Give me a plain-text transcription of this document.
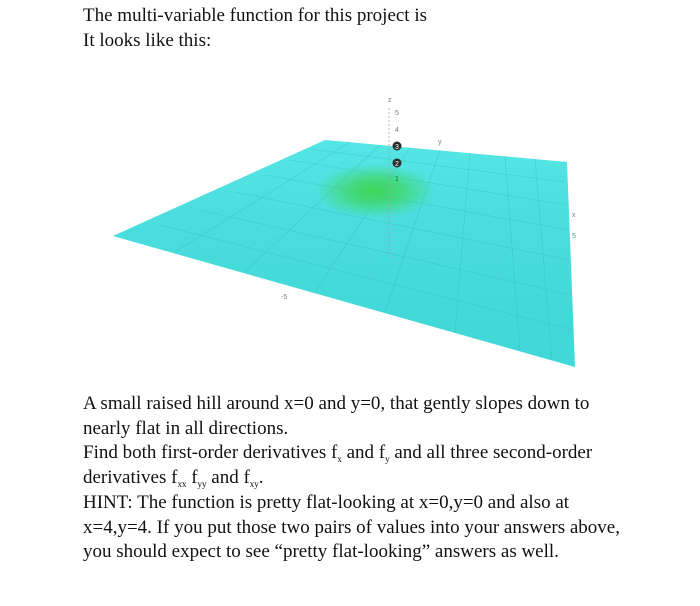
The multi-variable function for this project is

It looks like this:

z
5
4
3
2
1
y
x
5
-5

A small raised hill around x=0 and y=0, that gently slopes down to nearly flat in all directions.

Find both first-order derivatives $f_x$ and $f_y$ and all three second-order derivatives $f_{xx}$ $f_{yy}$ and $f_{xy}$.

HINT: The function is pretty flat-looking at x=0,y=0 and also at x=4,y=4. If you put those two pairs of values into your answers above, you should expect to see “pretty flat-looking” answers as well.
